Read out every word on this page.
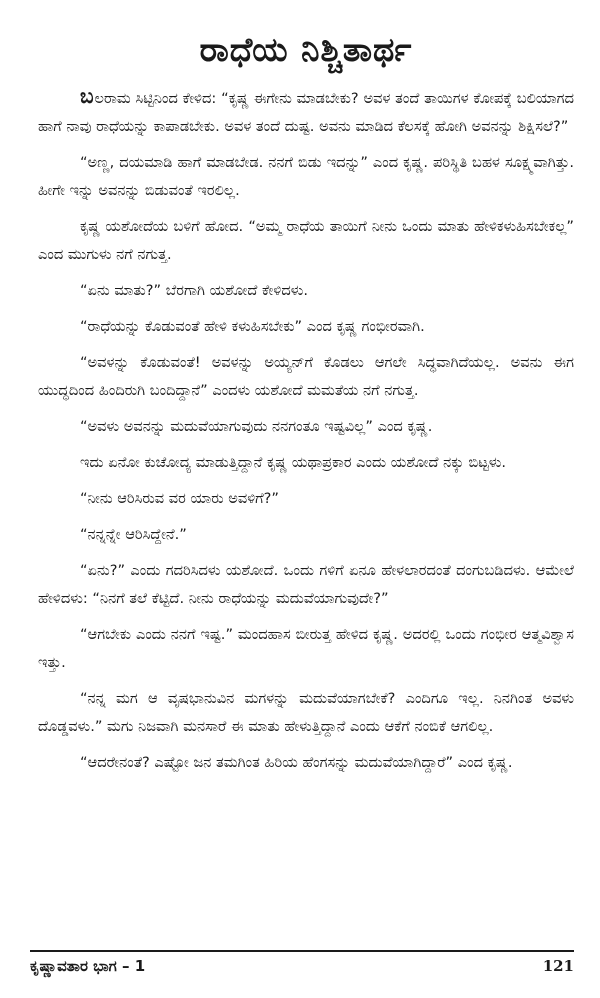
ರಾಧೆಯ ನಿಶ್ಚಿತಾರ್ಥ

ಬಲರಾಮ ಸಿಟ್ಟಿನಿಂದ ಕೇಳಿದ: “ಕೃಷ್ಣ ಈಗೇನು ಮಾಡಬೇಕು? ಅವಳ ತಂದೆ ತಾಯಿಗಳ ಕೋಪಕ್ಕೆ ಬಲಿಯಾಗದ ಹಾಗೆ ನಾವು ರಾಧೆಯನ್ನು ಕಾಪಾಡಬೇಕು. ಅವಳ ತಂದೆ ದುಷ್ಟ. ಅವನು ಮಾಡಿದ ಕೆಲಸಕ್ಕೆ ಹೋಗಿ ಅವನನ್ನು ಶಿಕ್ಷಿಸಲೆ?”

“ಅಣ್ಣ, ದಯಮಾಡಿ ಹಾಗೆ ಮಾಡಬೇಡ. ನನಗೆ ಬಿಡು ಇದನ್ನು” ಎಂದ ಕೃಷ್ಣ. ಪರಿಸ್ಥಿತಿ ಬಹಳ ಸೂಕ್ಷ್ಮವಾಗಿತ್ತು. ಹೀಗೇ ಇನ್ನು ಅವನನ್ನು ಬಿಡುವಂತೆ ಇರಲಿಲ್ಲ.

ಕೃಷ್ಣ ಯಶೋದೆಯ ಬಳಿಗೆ ಹೋದ. “ಅಮ್ಮ ರಾಧೆಯ ತಾಯಿಗೆ ನೀನು ಒಂದು ಮಾತು ಹೇಳಿಕಳುಹಿಸಬೇಕಲ್ಲ” ಎಂದ ಮುಗುಳು ನಗೆ ನಗುತ್ತ.

“ಏನು ಮಾತು?” ಬೆರಗಾಗಿ ಯಶೋದೆ ಕೇಳಿದಳು.

“ರಾಧೆಯನ್ನು ಕೊಡುವಂತೆ ಹೇಳಿ ಕಳುಹಿಸಬೇಕು” ಎಂದ ಕೃಷ್ಣ ಗಂಭೀರವಾಗಿ.

“ಅವಳನ್ನು ಕೊಡುವಂತೆ! ಅವಳನ್ನು ಅಯ್ಯನ್‌ಗೆ ಕೊಡಲು ಆಗಲೇ ಸಿದ್ಧವಾಗಿದೆಯಲ್ಲ. ಅವನು ಈಗ ಯುದ್ಧದಿಂದ ಹಿಂದಿರುಗಿ ಬಂದಿದ್ದಾನೆ” ಎಂದಳು ಯಶೋದೆ ಮಮತೆಯ ನಗೆ ನಗುತ್ತ.

“ಅವಳು ಅವನನ್ನು ಮದುವೆಯಾಗುವುದು ನನಗಂತೂ ಇಷ್ಟವಿಲ್ಲ” ಎಂದ ಕೃಷ್ಣ.

ಇದು ಏನೋ ಕುಚೋದ್ಯ ಮಾಡುತ್ತಿದ್ದಾನೆ ಕೃಷ್ಣ ಯಥಾಪ್ರಕಾರ ಎಂದು ಯಶೋದೆ ನಕ್ಕು ಬಿಟ್ಟಳು.

“ನೀನು ಆರಿಸಿರುವ ವರ ಯಾರು ಅವಳಿಗೆ?”

“ನನ್ನನ್ನೇ ಆರಿಸಿದ್ದೇನೆ.”

“ಏನು?” ಎಂದು ಗದರಿಸಿದಳು ಯಶೋದೆ. ಒಂದು ಗಳಿಗೆ ಏನೂ ಹೇಳಲಾರದಂತೆ ದಂಗುಬಡಿದಳು. ಆಮೇಲೆ ಹೇಳಿದಳು: “ನಿನಗೆ ತಲೆ ಕೆಟ್ಟಿದೆ. ನೀನು ರಾಧೆಯನ್ನು ಮದುವೆಯಾಗುವುದೇ?”

“ಆಗಬೇಕು ಎಂದು ನನಗೆ ಇಷ್ಟ.” ಮಂದಹಾಸ ಬೀರುತ್ತ ಹೇಳಿದ ಕೃಷ್ಣ. ಅದರಲ್ಲಿ ಒಂದು ಗಂಭೀರ ಆತ್ಮವಿಶ್ವಾಸ ಇತ್ತು.

“ನನ್ನ ಮಗ ಆ ವೃಷಭಾನುವಿನ ಮಗಳನ್ನು ಮದುವೆಯಾಗಬೇಕೆ? ಎಂದಿಗೂ ಇಲ್ಲ. ನಿನಗಿಂತ ಅವಳು ದೊಡ್ಡವಳು.” ಮಗು ನಿಜವಾಗಿ ಮನಸಾರೆ ಈ ಮಾತು ಹೇಳುತ್ತಿದ್ದಾನೆ ಎಂದು ಆಕೆಗೆ ನಂಬಿಕೆ ಆಗಲಿಲ್ಲ.

“ಆದರೇನಂತೆ? ಎಷ್ಟೋ ಜನ ತಮಗಿಂತ ಹಿರಿಯ ಹೆಂಗಸನ್ನು ಮದುವೆಯಾಗಿದ್ದಾರೆ” ಎಂದ ಕೃಷ್ಣ.

ಕೃಷ್ಣಾವತಾರ ಭಾಗ – 1	121
